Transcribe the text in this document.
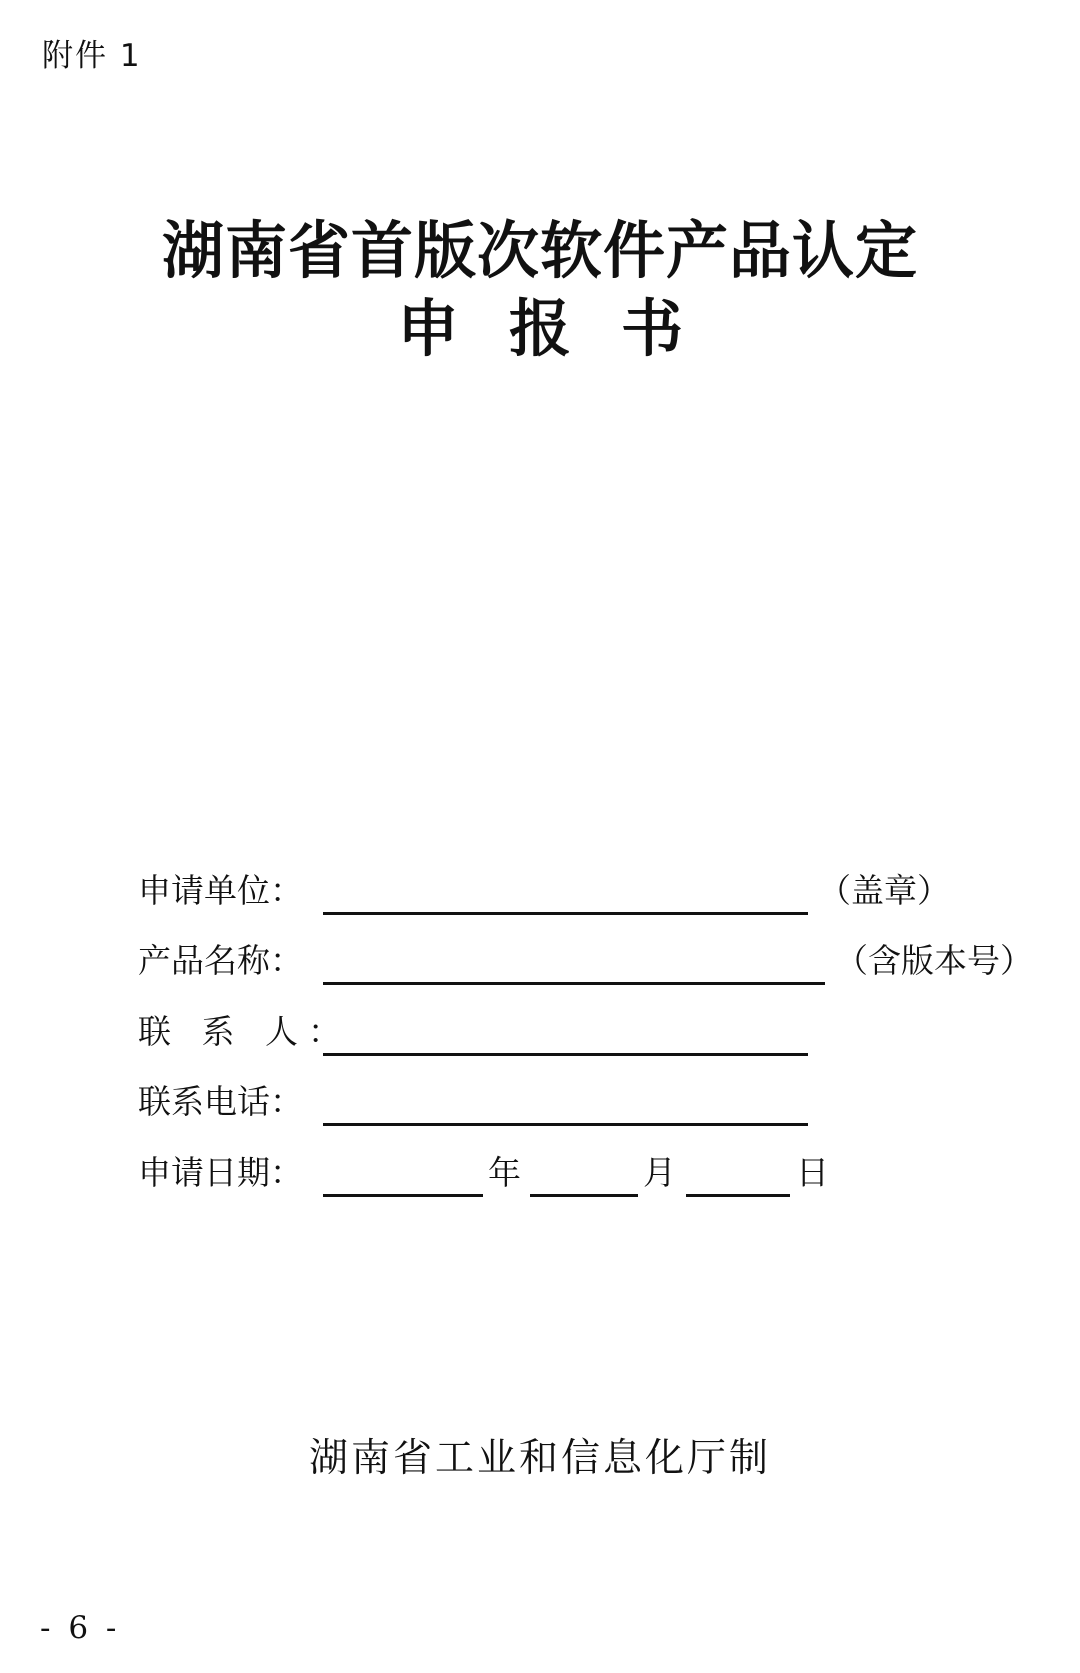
附件 1
湖南省首版次软件产品认定
申报书
申请单位：	（盖章）
产品名称：	（含版本号）
联 系 人：
联系电话：
申请日期：	年	月	日
湖南省工业和信息化厅制
- 6 -
